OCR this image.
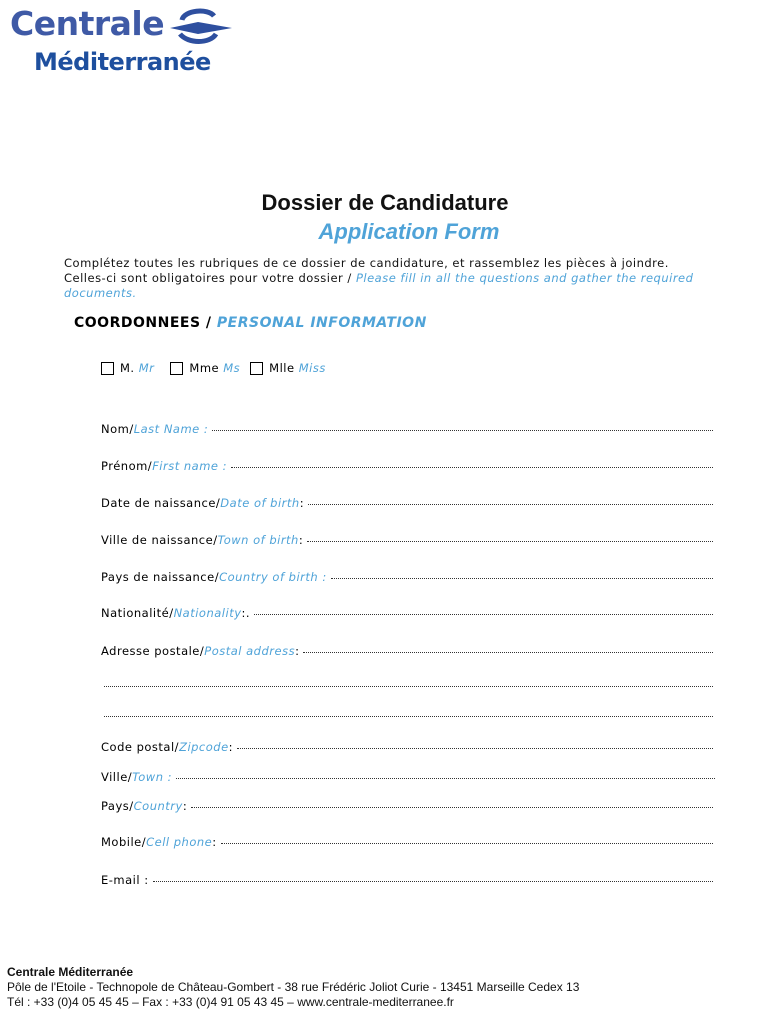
Centrale
Méditerranée
Dossier de Candidature
Application Form
Complétez toutes les rubriques de ce dossier de candidature, et rassemblez les pièces à joindre.
Celles-ci sont obligatoires pour votre dossier / Please fill in all the questions and gather the required documents.
COORDONNEES / PERSONAL INFORMATION
M.
Mr	Mme
Ms	Mlle
Miss
Nom/ Last Name :
Prénom/ First name :
Date de naissance/ Date of birth :
Ville de naissance/ Town of birth :
Pays de naissance/ Country of birth :
Nationalité/ Nationality :.
Adresse postale/ Postal address :
Code postal/ Zipcode :
Ville/ Town :
Pays/ Country :
Mobile/ Cell phone :
E-mail :
Centrale Méditerranée
Pôle de l'Etoile - Technopole de Château-Gombert - 38 rue Frédéric Joliot Curie - 13451 Marseille Cedex 13
Tél : +33 (0)4 05 45 45 – Fax : +33 (0)4 91 05 43 45 – www.centrale-mediterranee.fr
